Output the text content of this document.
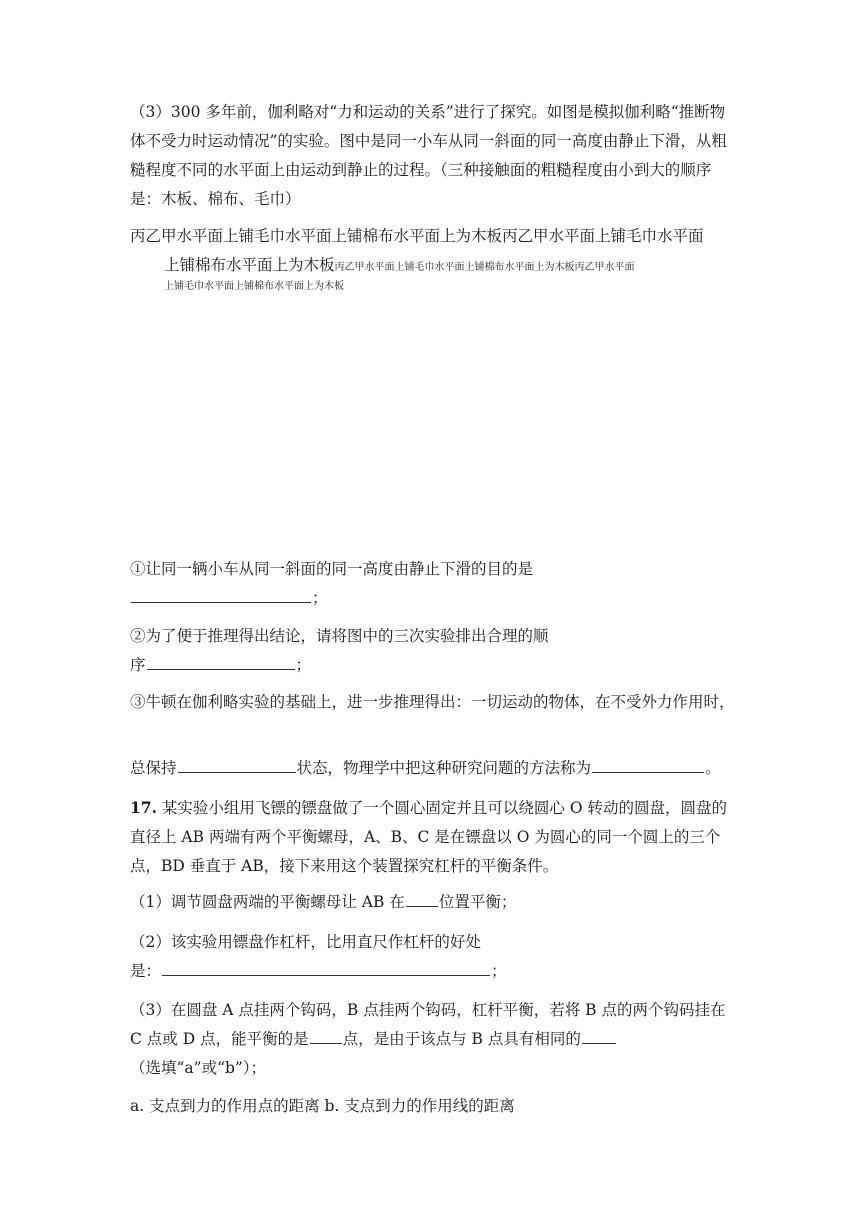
（3）300 多年前，伽利略对“力和运动的关系”进行了探究。如图是模拟伽利略“推断物体不受力时运动情况”的实验。图中是同一小车从同一斜面的同一高度由静止下滑，从粗糙程度不同的水平面上由运动到静止的过程。（三种接触面的粗糙程度由小到大的顺序是：木板、棉布、毛巾）

丙乙甲水平面上铺毛巾水平面上铺棉布水平面上为木板丙乙甲水平面上铺毛巾水平面
上铺棉布水平面上为木板丙乙甲水平面上铺毛巾水平面上铺棉布水平面上为木板丙乙甲水平面
上铺毛巾水平面上铺棉布水平面上为木板

①让同一辆小车从同一斜面的同一高度由静止下滑的目的是
；

②为了便于推理得出结论，请将图中的三次实验排出合理的顺
序	；

③牛顿在伽利略实验的基础上，进一步推理得出：一切运动的物体，在不受外力作用时，

总保持	状态，物理学中把这种研究问题的方法称为	。

17. 某实验小组用飞镖的镖盘做了一个圆心固定并且可以绕圆心 O 转动的圆盘，圆盘的直径上 AB 两端有两个平衡螺母，A、B、C 是在镖盘以 O 为圆心的同一个圆上的三个点，BD 垂直于 AB，接下来用这个装置探究杠杆的平衡条件。

（1）调节圆盘两端的平衡螺母让 AB 在 位置平衡；

（2）该实验用镖盘作杠杆，比用直尺作杠杆的好处
是：	；

（3）在圆盘 A 点挂两个钩码，B 点挂两个钩码，杠杆平衡，若将 B 点的两个钩码挂在 C 点或 D 点，能平衡的是 点，是由于该点与 B 点具有相同的
（选填“a”或“b”）；

a. 支点到力的作用点的距离 b. 支点到力的作用线的距离
